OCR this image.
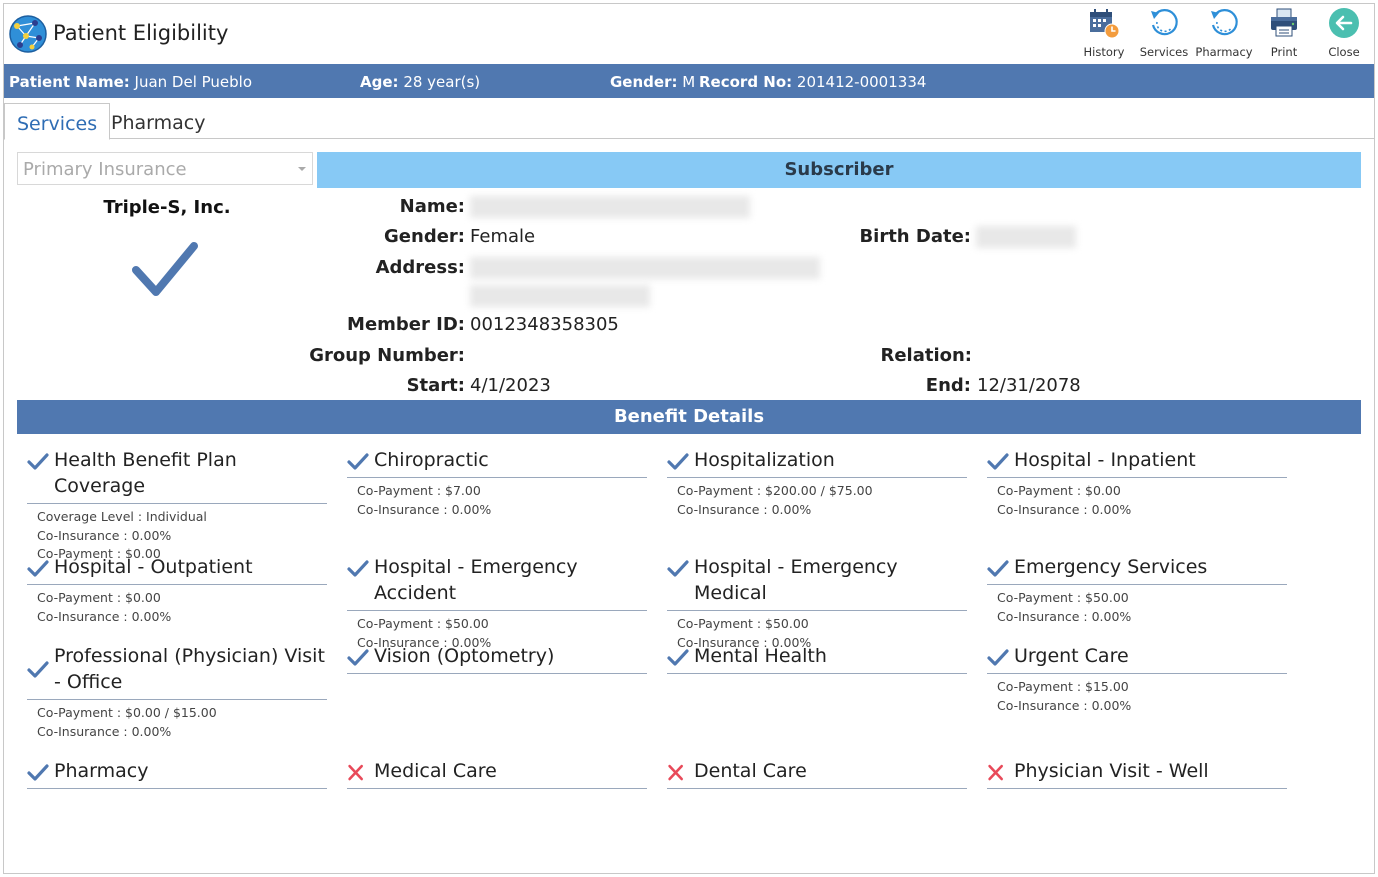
Patient Eligibility
History	Services Pharmacy	Print	Close
Patient Name: Juan Del Pueblo	Age: 28 year(s)	Gender: M Record No: 201412-0001334
Services Pharmacy
Primary Insurance
Triple-S, Inc.
Subscriber
Name:
Gender: Female	Birth Date:
Address:
Member ID: 0012348358305
Group Number:	Relation:
Start: 4/1/2023	End: 12/31/2078
Benefit Details
Health Benefit Plan Coverage
Coverage Level : Individual
Co-Insurance : 0.00%
Co-Payment : $0.00
Chiropractic
Co-Payment : $7.00
Co-Insurance : 0.00%
Hospitalization
Co-Payment : $200.00 / $75.00
Co-Insurance : 0.00%
Hospital - Inpatient
Co-Payment : $0.00
Co-Insurance : 0.00%
Hospital - Outpatient
Co-Payment : $0.00
Co-Insurance : 0.00%
Hospital - Emergency Accident
Co-Payment : $50.00
Co-Insurance : 0.00%
Hospital - Emergency Medical
Co-Payment : $50.00
Co-Insurance : 0.00%
Emergency Services
Co-Payment : $50.00
Co-Insurance : 0.00%
Professional (Physician) Visit - Office
Co-Payment : $0.00 / $15.00
Co-Insurance : 0.00%
Vision (Optometry)	Mental Health	Urgent Care
Co-Payment : $15.00
Co-Insurance : 0.00%
Pharmacy	Medical Care	Dental Care	Physician Visit - Well
